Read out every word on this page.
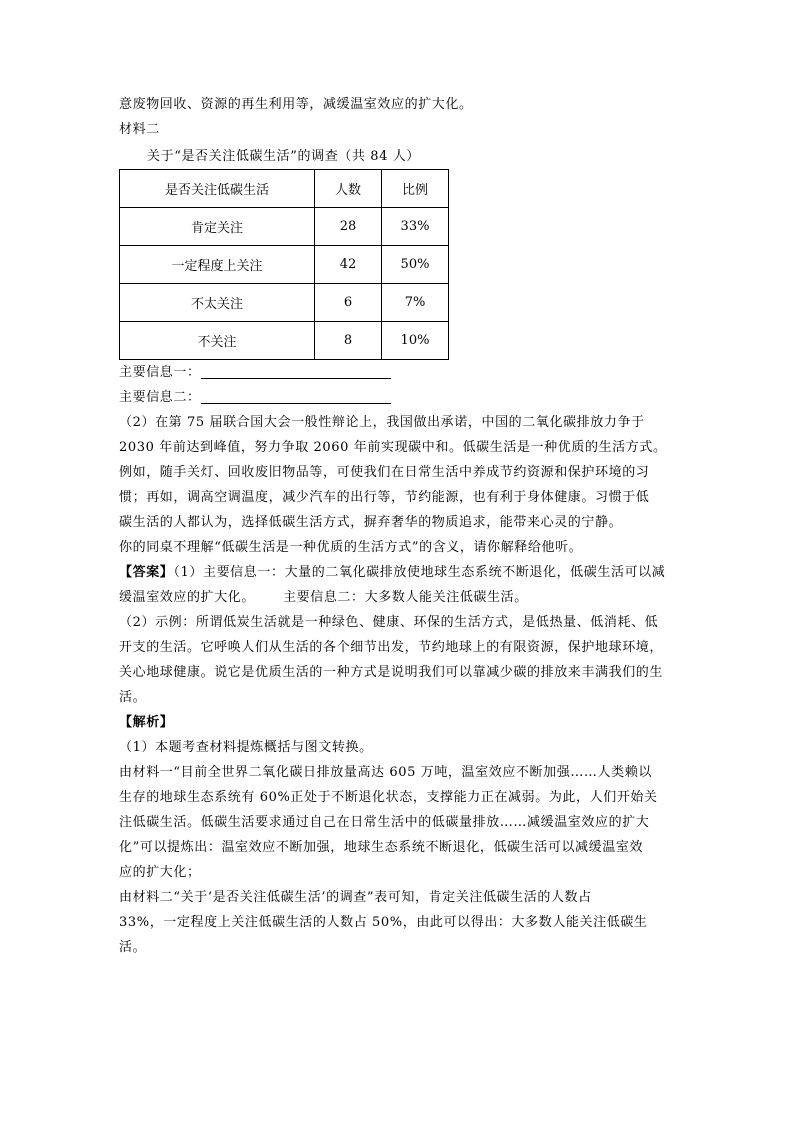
意废物回收、资源的再生利用等，减缓温室效应的扩大化。
材料二
关于“是否关注低碳生活”的调查（共 84 人）
是否关注低碳生活	人数	比例
肯定关注	28	33%
一定程度上关注	42	50%
不太关注	6	7%
不关注	8	10%
主要信息一：
主要信息二：
（2）在第 75 届联合国大会一般性辩论上，我国做出承诺，中国的二氧化碳排放力争于
2030 年前达到峰值，努力争取 2060 年前实现碳中和。低碳生活是一种优质的生活方式。
例如，随手关灯、回收废旧物品等，可使我们在日常生活中养成节约资源和保护环境的习
惯；再如，调高空调温度，减少汽车的出行等，节约能源，也有利于身体健康。习惯于低
碳生活的人都认为，选择低碳生活方式，摒弃奢华的物质追求，能带来心灵的宁静。
你的同桌不理解“低碳生活是一种优质的生活方式”的含义，请你解释给他听。
【答案】（1）主要信息一：大量的二氧化碳排放使地球生态系统不断退化，低碳生活可以减
缓温室效应的扩大化。 主要信息二：大多数人能关注低碳生活。
（2）示例：所谓低炭生活就是一种绿色、健康、环保的生活方式，是低热量、低消耗、低
开支的生活。它呼唤人们从生活的各个细节出发，节约地球上的有限资源，保护地球环境，
关心地球健康。说它是优质生活的一种方式是说明我们可以靠减少碳的排放来丰满我们的生
活。
【解析】
（1）本题考查材料提炼概括与图文转换。
由材料一“目前全世界二氧化碳日排放量高达 605 万吨，温室效应不断加强……人类赖以
生存的地球生态系统有 60%正处于不断退化状态，支撑能力正在减弱。为此，人们开始关
注低碳生活。低碳生活要求通过自己在日常生活中的低碳量排放……减缓温室效应的扩大
化”可以提炼出：温室效应不断加强，地球生态系统不断退化，低碳生活可以减缓温室效
应的扩大化；
由材料二“关于‘是否关注低碳生活’的调查”表可知，肯定关注低碳生活的人数占
33%，一定程度上关注低碳生活的人数占 50%，由此可以得出：大多数人能关注低碳生
活。
